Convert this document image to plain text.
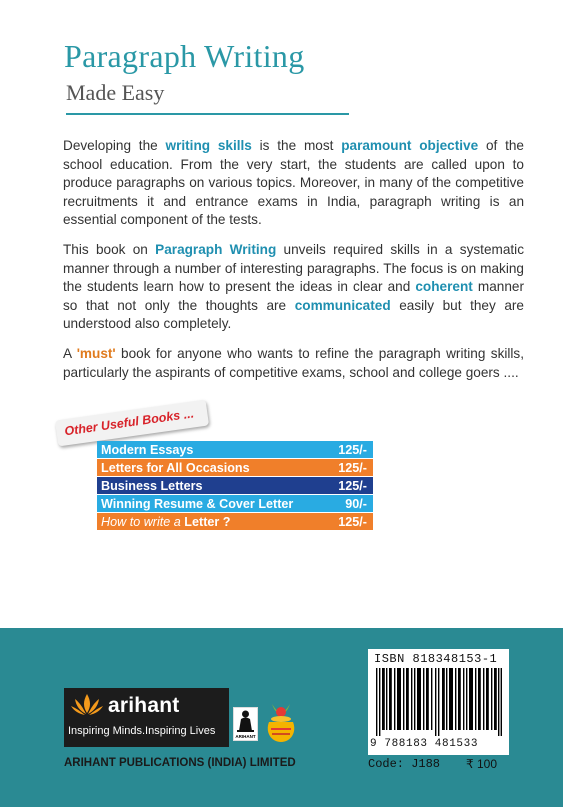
Paragraph Writing
Made Easy

Developing the writing skills is the most paramount objective of the school education. From the very start, the students are called upon to produce paragraphs on various topics. Moreover, in many of the competitive recruitments it and entrance exams in India, paragraph writing is an essential component of the tests.

This book on Paragraph Writing unveils required skills in a systematic manner through a number of interesting paragraphs. The focus is on making the students learn how to present the ideas in clear and coherent manner so that not only the thoughts are communicated easily but they are understood also completely.

A 'must' book for anyone who wants to refine the paragraph writing skills, particularly the aspirants of competitive exams, school and college goers ....

Other Useful Books ...
Modern Essays	125/-
Letters for All Occasions	125/-
Business Letters	125/-
Winning Resume & Cover Letter	90/-
How to write a Letter ?	125/-
arihant
Inspiring Minds.Inspiring Lives	ARIHANT
ARIHANT PUBLICATIONS (INDIA) LIMITED
ISBN 818348153-1
9 788183 481533
Code: J188 ₹ 100
